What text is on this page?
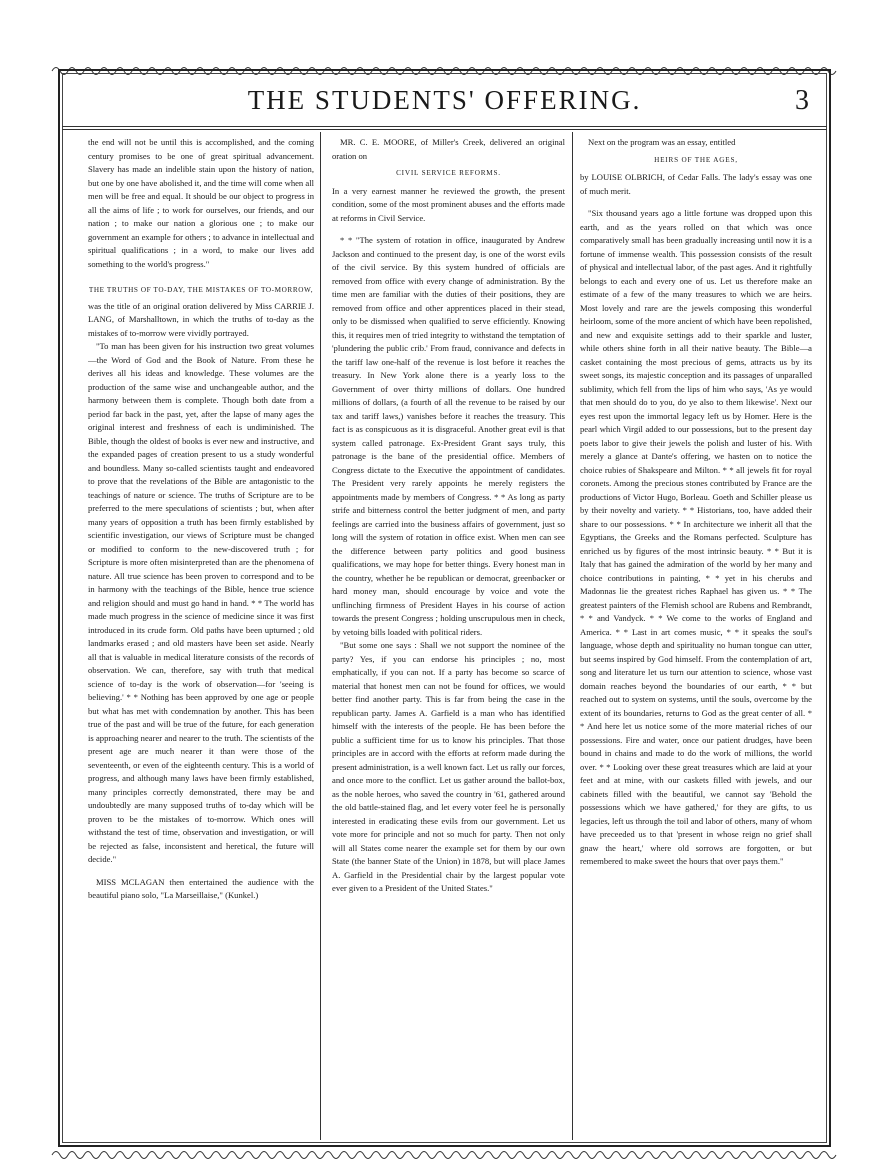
THE STUDENTS' OFFERING.	3

the end will not be until this is accomplished, and the coming century promises to be one of great spiritual advancement. Slavery has made an indelible stain upon the history of nation, but one by one have abolished it, and the time will come when all men will be free and equal. It should be our object to progress in all the aims of life ; to work for ourselves, our friends, and our nation ; to make our nation a glorious one ; to make our government an example for others ; to advance in intellectual and spiritual qualifications ; in a word, to make our lives add something to the world's progress."

THE TRUTHS OF TO-DAY, THE MISTAKES OF TO-MORROW,

was the title of an original oration delivered by Miss CARRIE J. LANG, of Marshalltown, in which the truths of to-day as the mistakes of to-morrow were vividly portrayed.

"To man has been given for his instruction two great volumes—the Word of God and the Book of Nature. From these he derives all his ideas and knowledge. These volumes are the production of the same wise and unchangeable author, and the harmony between them is complete. Though both date from a period far back in the past, yet, after the lapse of many ages the original interest and freshness of each is undiminished. The Bible, though the oldest of books is ever new and instructive, and the expanded pages of creation present to us a study wonderful and boundless. Many so-called scientists taught and endeavored to prove that the revelations of the Bible are antagonistic to the teachings of nature or science. The truths of Scripture are to be preferred to the mere speculations of scientists ; but, when after many years of opposition a truth has been firmly established by scientific investigation, our views of Scripture must be changed or modified to conform to the new-discovered truth ; for Scripture is more often misinterpreted than are the phenomena of nature. All true science has been proven to correspond and to be in harmony with the teachings of the Bible, hence true science and religion should and must go hand in hand. * * The world has made much progress in the science of medicine since it was first introduced in its crude form. Old paths have been upturned ; old landmarks erased ; and old masters have been set aside. Nearly all that is valuable in medical literature consists of the records of observation. We can, therefore, say with truth that medical science of to-day is the work of observation—for 'seeing is believing.' * * Nothing has been approved by one age or people but what has met with condemnation by another. This has been true of the past and will be true of the future, for each generation is approaching nearer and nearer to the truth. The scientists of the present age are much nearer it than were those of the seventeenth, or even of the eighteenth century. This is a world of progress, and although many laws have been firmly established, many principles correctly demonstrated, there may be and undoubtedly are many supposed truths of to-day which will be proven to be the mistakes of to-morrow. Which ones will withstand the test of time, observation and investigation, or will be rejected as false, inconsistent and heretical, the future will decide."

MISS MCLAGAN then entertained the audience with the beautiful piano solo, "La Marseillaise," (Kunkel.)

MR. C. E. MOORE, of Miller's Creek, delivered an original oration on

CIVIL SERVICE REFORMS.

In a very earnest manner he reviewed the growth, the present condition, some of the most prominent abuses and the efforts made at reforms in Civil Service.

* * "The system of rotation in office, inaugurated by Andrew Jackson and continued to the present day, is one of the worst evils of the civil service. By this system hundred of officials are removed from office with every change of administration. By the time men are familiar with the duties of their positions, they are removed from office and other apprentices placed in their stead, only to be dismissed when qualified to serve efficiently. Knowing this, it requires men of tried integrity to withstand the temptation of 'plundering the public crib.' From fraud, connivance and defects in the tariff law one-half of the revenue is lost before it reaches the treasury. In New York alone there is a yearly loss to the Government of over thirty millions of dollars. One hundred millions of dollars, (a fourth of all the revenue to be raised by our tax and tariff laws,) vanishes before it reaches the treasury. This fact is as conspicuous as it is disgraceful. Another great evil is that system called patronage. Ex-President Grant says truly, this patronage is the bane of the presidential office. Members of Congress dictate to the Executive the appointment of candidates. The President very rarely appoints he merely registers the appointments made by members of Congress. * * As long as party strife and bitterness control the better judgment of men, and party feelings are carried into the business affairs of government, just so long will the system of rotation in office exist. When men can see the difference between party politics and good business qualifications, we may hope for better things. Every honest man in the country, whether he be republican or democrat, greenbacker or hard money man, should encourage by voice and vote the unflinching firmness of President Hayes in his course of action towards the present Congress ; holding unscrupulous men in check, by vetoing bills loaded with political riders.

"But some one says : Shall we not support the nominee of the party? Yes, if you can endorse his principles ; no, most emphatically, if you can not. If a party has become so scarce of material that honest men can not be found for offices, we would better find another party. This is far from being the case in the republican party. James A. Garfield is a man who has identified himself with the interests of the people. He has been before the public a sufficient time for us to know his principles. That those principles are in accord with the efforts at reform made during the present administration, is a well known fact. Let us rally our forces, and once more to the conflict. Let us gather around the ballot-box, as the noble heroes, who saved the country in '61, gathered around the old battle-stained flag, and let every voter feel he is personally interested in eradicating these evils from our government. Let us vote more for principle and not so much for party. Then not only will all States come nearer the example set for them by our own State (the banner State of the Union) in 1878, but will place James A. Garfield in the Presidential chair by the largest popular vote ever given to a President of the United States."

Next on the program was an essay, entitled

HEIRS OF THE AGES,

by LOUISE OLBRICH, of Cedar Falls. The lady's essay was one of much merit.

"Six thousand years ago a little fortune was dropped upon this earth, and as the years rolled on that which was once comparatively small has been gradually increasing until now it is a fortune of immense wealth. This possession consists of the result of physical and intellectual labor, of the past ages. And it rightfully belongs to each and every one of us. Let us therefore make an estimate of a few of the many treasures to which we are heirs. Most lovely and rare are the jewels composing this wonderful heirloom, some of the more ancient of which have been repolished, and new and exquisite settings add to their sparkle and luster, while others shine forth in all their native beauty. The Bible—a casket containing the most precious of gems, attracts us by its sweet songs, its majestic conception and its passages of unparalled sublimity, which fell from the lips of him who says, 'As ye would that men should do to you, do ye also to them likewise'. Next our eyes rest upon the immortal legacy left us by Homer. Here is the pearl which Virgil added to our possessions, but to the present day poets labor to give their jewels the polish and luster of his. With merely a glance at Dante's offering, we hasten on to notice the choice rubies of Shakspeare and Milton. * * all jewels fit for royal coronets. Among the precious stones contributed by France are the productions of Victor Hugo, Borleau. Goeth and Schiller please us by their novelty and variety. * * Historians, too, have added their share to our possessions. * * In architecture we inherit all that the Egyptians, the Greeks and the Romans perfected. Sculpture has enriched us by figures of the most intrinsic beauty. * * But it is Italy that has gained the admiration of the world by her many and choice contributions in painting, * * yet in his cherubs and Madonnas lie the greatest riches Raphael has given us. * * The greatest painters of the Flemish school are Rubens and Rembrandt, * * and Vandyck. * * We come to the works of England and America. * * Last in art comes music, * * it speaks the soul's language, whose depth and spirituality no human tongue can utter, but seems inspired by God himself. From the contemplation of art, song and literature let us turn our attention to science, whose vast domain reaches beyond the boundaries of our earth, * * but reached out to system on systems, until the souls, overcome by the extent of its boundaries, returns to God as the great center of all. * * And here let us notice some of the more material riches of our possessions. Fire and water, once our patient drudges, have been bound in chains and made to do the work of millions, the world over. * * Looking over these great treasures which are laid at your feet and at mine, with our caskets filled with jewels, and our cabinets filled with the beautiful, we cannot say 'Behold the possessions which we have gathered,' for they are gifts, to us legacies, left us through the toil and labor of others, many of whom have preceeded us to that 'present in whose reign no grief shall gnaw the heart,' where old sorrows are forgotten, or but remembered to make sweet the hours that over pays them."
